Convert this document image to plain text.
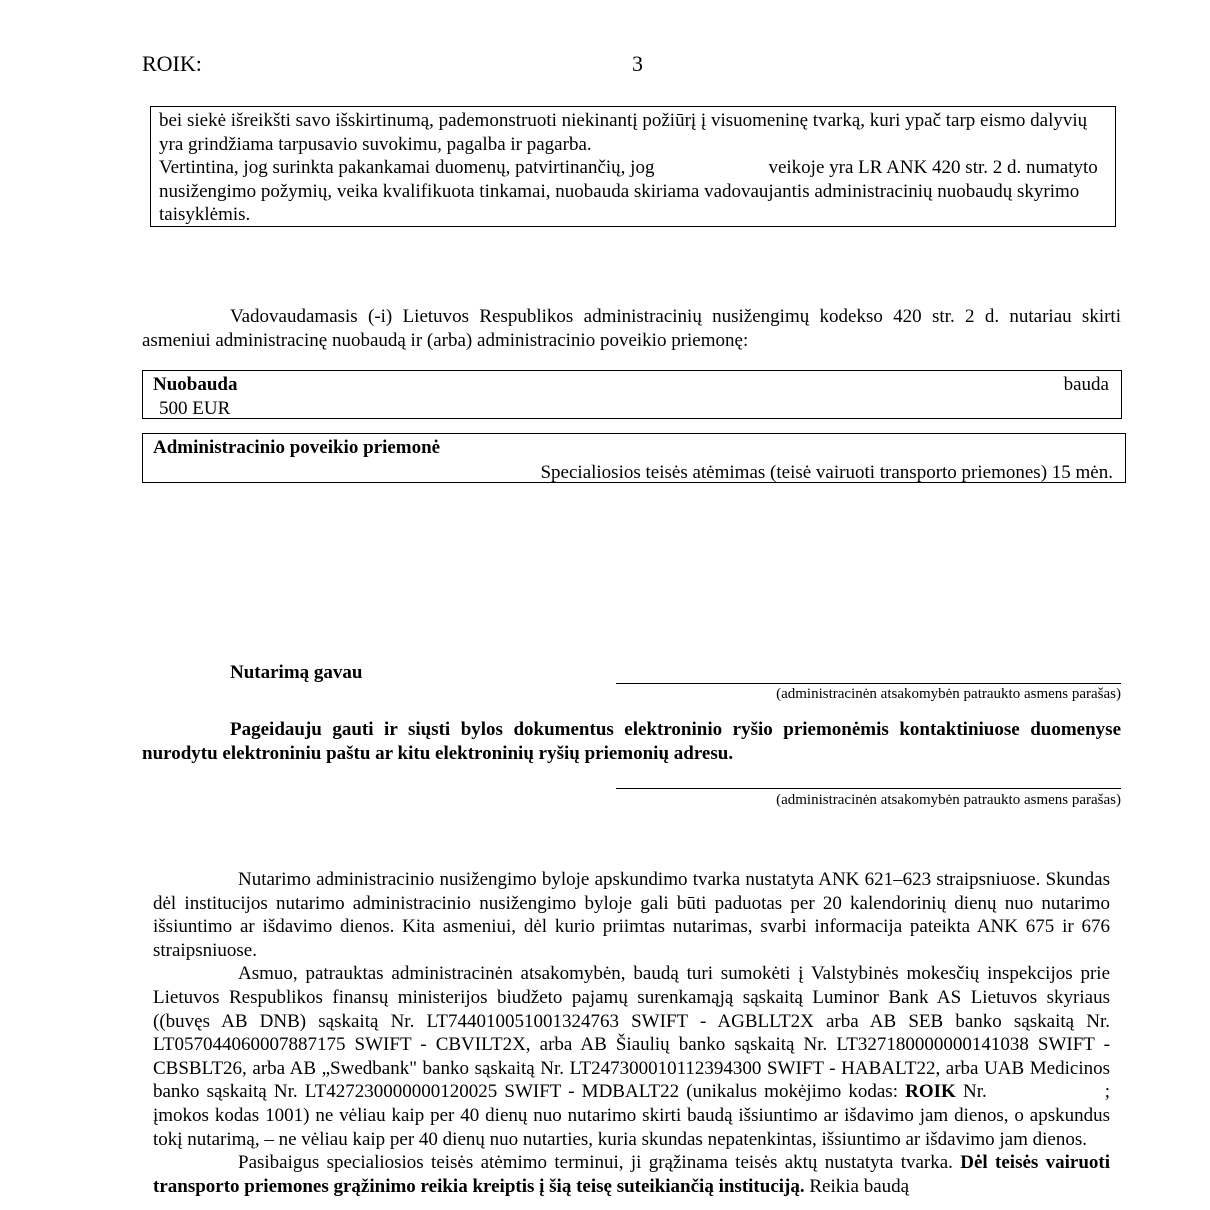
ROIK:	3

bei siekė išreikšti savo išskirtinumą, pademonstruoti niekinantį požiūrį į visuomeninę tvarką, kuri ypač tarp eismo dalyvių yra grindžiama tarpusavio suvokimu, pagalba ir pagarba.

Vertintina, jog surinkta pakankamai duomenų, patvirtinančių, jog	veikoje yra LR ANK 420 str. 2 d. numatyto nusižengimo požymių, veika kvalifikuota tinkamai, nuobauda skiriama vadovaujantis administracinių nuobaudų skyrimo taisyklėmis.

Vadovaudamasis (-i) Lietuvos Respublikos administracinių nusižengimų kodekso 420 str. 2 d. nutariau skirti asmeniui administracinę nuobaudą ir (arba) administracinio poveikio priemonę:
Nuobauda	bauda
500 EUR
Administracinio poveikio priemonė
Specialiosios teisės atėmimas (teisė vairuoti transporto priemones) 15 mėn.
Nutarimą gavau
(administracinėn atsakomybėn patraukto asmens parašas)
Pageidauju gauti ir siųsti bylos dokumentus elektroninio ryšio priemonėmis kontaktiniuose duomenyse nurodytu elektroniniu paštu ar kitu elektroninių ryšių priemonių adresu.
(administracinėn atsakomybėn patraukto asmens parašas)

Nutarimo administracinio nusižengimo byloje apskundimo tvarka nustatyta ANK 621–623 straipsniuose. Skundas dėl institucijos nutarimo administracinio nusižengimo byloje gali būti paduotas per 20 kalendorinių dienų nuo nutarimo išsiuntimo ar išdavimo dienos. Kita asmeniui, dėl kurio priimtas nutarimas, svarbi informacija pateikta ANK 675 ir 676 straipsniuose.

Asmuo, patrauktas administracinėn atsakomybėn, baudą turi sumokėti į Valstybinės mokesčių inspekcijos prie Lietuvos Respublikos finansų ministerijos biudžeto pajamų surenkamąją sąskaitą Luminor Bank AS Lietuvos skyriaus ((buvęs AB DNB) sąskaitą Nr. LT744010051001324763 SWIFT - AGBLLT2X arba AB SEB banko sąskaitą Nr. LT057044060007887175 SWIFT - CBVILT2X, arba AB Šiaulių banko sąskaitą Nr. LT327180000000141038 SWIFT - CBSBLT26, arba AB „Swedbank" banko sąskaitą Nr. LT247300010112394300 SWIFT - HABALT22, arba UAB Medicinos banko sąskaitą Nr. LT427230000000120025 SWIFT - MDBALT22 (unikalus mokėjimo kodas: ROIK Nr.	; įmokos kodas 1001) ne vėliau kaip per 40 dienų nuo nutarimo skirti baudą išsiuntimo ar išdavimo jam dienos, o apskundus tokį nutarimą, – ne vėliau kaip per 40 dienų nuo nutarties, kuria skundas nepatenkintas, išsiuntimo ar išdavimo jam dienos.

Pasibaigus specialiosios teisės atėmimo terminui, ji grąžinama teisės aktų nustatyta tvarka. Dėl teisės vairuoti transporto priemones grąžinimo reikia kreiptis į šią teisę suteikiančią instituciją. Reikia baudą
